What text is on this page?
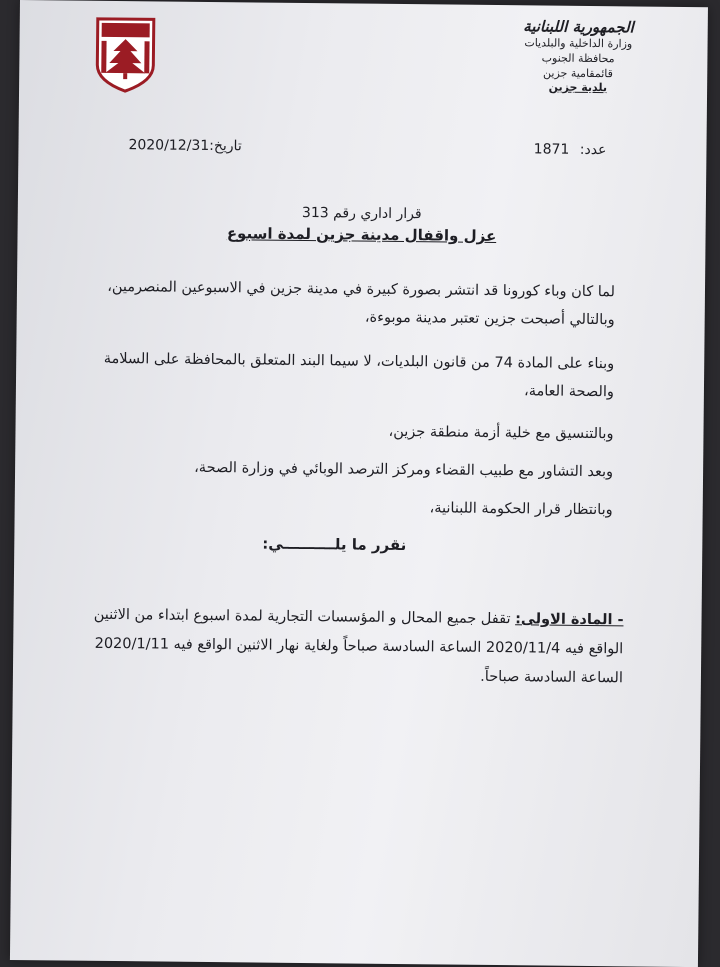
الجمهورية اللبنانية
وزارة الداخلية والبلديات
محافظة الجنوب
قائمقامية جزين
بلدية جزين
عدد: 1871
تاريخ:2020/12/31
قرار اداري رقم 313
عزل واقفال مدينة جزين لمدة اسبوع
لما كان وباء كورونا قد انتشر بصورة كبيرة في مدينة جزين في الاسبوعين المنصرمين، وبالتالي أصبحت جزين تعتبر مدينة موبوءة،
وبناء على المادة 74 من قانون البلديات، لا سيما البند المتعلق بالمحافظة على السلامة والصحة العامة،
وبالتنسيق مع خلية أزمة منطقة جزين،
وبعد التشاور مع طبيب القضاء ومركز الترصد الوبائي في وزارة الصحة،
وبانتظار قرار الحكومة اللبنانية،
نقرر ما يلــــــــــي:
- المادة الاولى: تقفل جميع المحال و المؤسسات التجارية لمدة اسبوع ابتداء من الاثنين الواقع فيه 2020/11/4 الساعة السادسة صباحاً ولغاية نهار الاثنين الواقع فيه 2020/1/11 الساعة السادسة صباحاً.
